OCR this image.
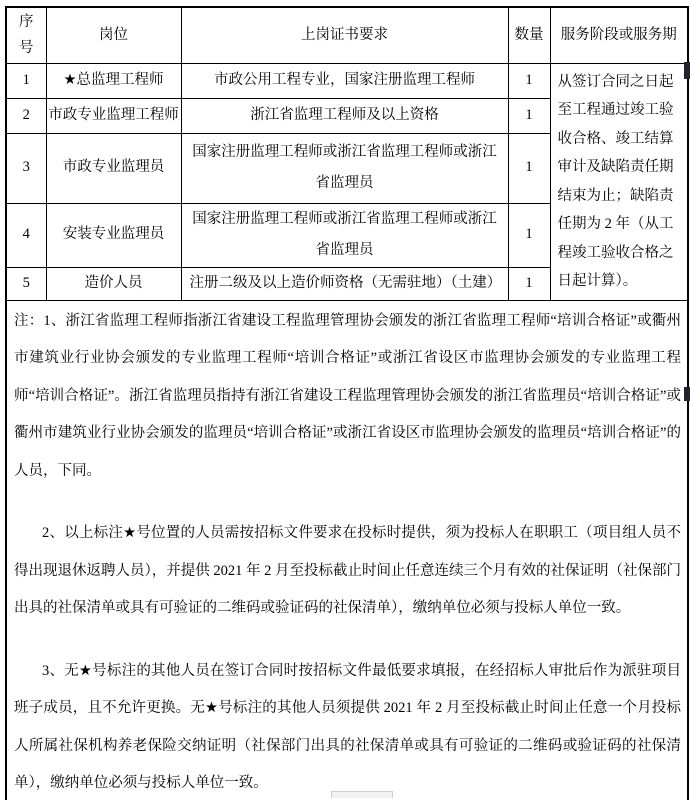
序号	岗位	上岗证书要求	数量	服务阶段或服务期
1	★总监理工程师	市政公用工程专业，国家注册监理工程师	1	从签订合同之日起至工程通过竣工验收合格、竣工结算审计及缺陷责任期结束为止；缺陷责任期为 2 年（从工程竣工验收合格之日起计算）。
2	市政专业监理工程师	浙江省监理工程师及以上资格	1	
3	市政专业监理员	国家注册监理工程师或浙江省监理工程师或浙江省监理员	1	
4	安装专业监理员	国家注册监理工程师或浙江省监理工程师或浙江省监理员	1	
5	造价人员	注册二级及以上造价师资格（无需驻地）（土建）	1	

注：1、浙江省监理工程师指浙江省建设工程监理管理协会颁发的浙江省监理工程师“培训合格证”或衢州市建筑业行业协会颁发的专业监理工程师“培训合格证”或浙江省设区市监理协会颁发的专业监理工程师“培训合格证”。浙江省监理员指持有浙江省建设工程监理管理协会颁发的浙江省监理员“培训合格证”或衢州市建筑业行业协会颁发的监理员“培训合格证”或浙江省设区市监理协会颁发的监理员“培训合格证”的人员，下同。

2、以上标注★号位置的人员需按招标文件要求在投标时提供，须为投标人在职职工（项目组人员不得出现退休返聘人员），并提供 2021 年 2 月至投标截止时间止任意连续三个月有效的社保证明（社保部门出具的社保清单或具有可验证的二维码或验证码的社保清单），缴纳单位必须与投标人单位一致。

3、无★号标注的其他人员在签订合同时按招标文件最低要求填报，在经招标人审批后作为派驻项目班子成员，且不允许更换。无★号标注的其他人员须提供 2021 年 2 月至投标截止时间止任意一个月投标人所属社保机构养老保险交纳证明（社保部门出具的社保清单或具有可验证的二维码或验证码的社保清单），缴纳单位必须与投标人单位一致。				
